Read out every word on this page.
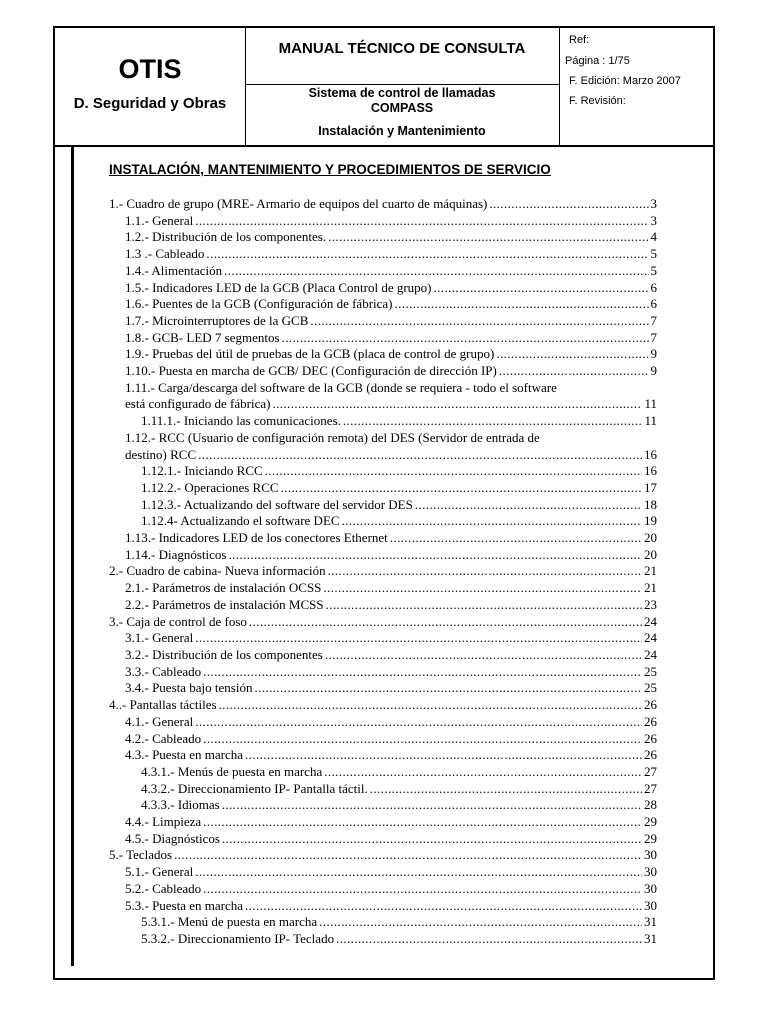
OTIS
D. Seguridad y Obras
MANUAL TÉCNICO DE CONSULTA
Sistema de control de llamadas
COMPASS
Instalación y Mantenimiento
Ref:
Página : 1/75
F. Edición: Marzo 2007
F. Revisión:
INSTALACIÓN, MANTENIMIENTO Y PROCEDIMIENTOS DE SERVICIO
1.- Cuadro de grupo (MRE- Armario de equipos del cuarto de máquinas) .....	3
1.1.- General .....	3
1.2.- Distribución de los componentes. .....	4
1.3 .- Cableado .....	5
1.4.- Alimentación .....	5
1.5.- Indicadores LED de la GCB (Placa Control de grupo) .....	6
1.6.- Puentes de la GCB (Configuración de fábrica) .....	6
1.7.- Microinterruptores de la GCB .....	7
1.8.- GCB- LED 7 segmentos .....	7
1.9.- Pruebas del útil de pruebas de la GCB (placa de control de grupo) .....	9
1.10.- Puesta en marcha de GCB/ DEC (Configuración de dirección IP) .....	9
1.11.- Carga/descarga del software de la GCB (donde se requiera - todo el software
está configurado de fábrica) .....	11
1.11.1.- Iniciando las comunicaciones. .....	11
1.12.- RCC (Usuario de configuración remota) del DES (Servidor de entrada de
destino) RCC .....	16
1.12.1.- Iniciando RCC .....	16
1.12.2.- Operaciones RCC .....	17
1.12.3.- Actualizando del software del servidor DES .....	18
1.12.4- Actualizando el software DEC .....	19
1.13.- Indicadores LED de los conectores Ethernet .....	20
1.14.- Diagnósticos .....	20
2.- Cuadro de cabina- Nueva información .....	21
2.1.- Parámetros de instalación OCSS .....	21
2.2.- Parámetros de instalación MCSS .....	23
3.- Caja de control de foso .....	24
3.1.- General .....	24
3.2.- Distribución de los componentes .....	24
3.3.- Cableado .....	25
3.4.- Puesta bajo tensión .....	25
4..- Pantallas táctiles .....	26
4.1.- General .....	26
4.2.- Cableado .....	26
4.3.- Puesta en marcha .....	26
4.3.1.- Menús de puesta en marcha .....	27
4.3.2.- Direccionamiento IP- Pantalla táctil. .....	27
4.3.3.- Idiomas .....	28
4.4.- Limpieza .....	29
4.5.- Diagnósticos .....	29
5.- Teclados .....	30
5.1.- General .....	30
5.2.- Cableado .....	30
5.3.- Puesta en marcha .....	30
5.3.1.- Menú de puesta en marcha .....	31
5.3.2.- Direccionamiento IP- Teclado .....	31
